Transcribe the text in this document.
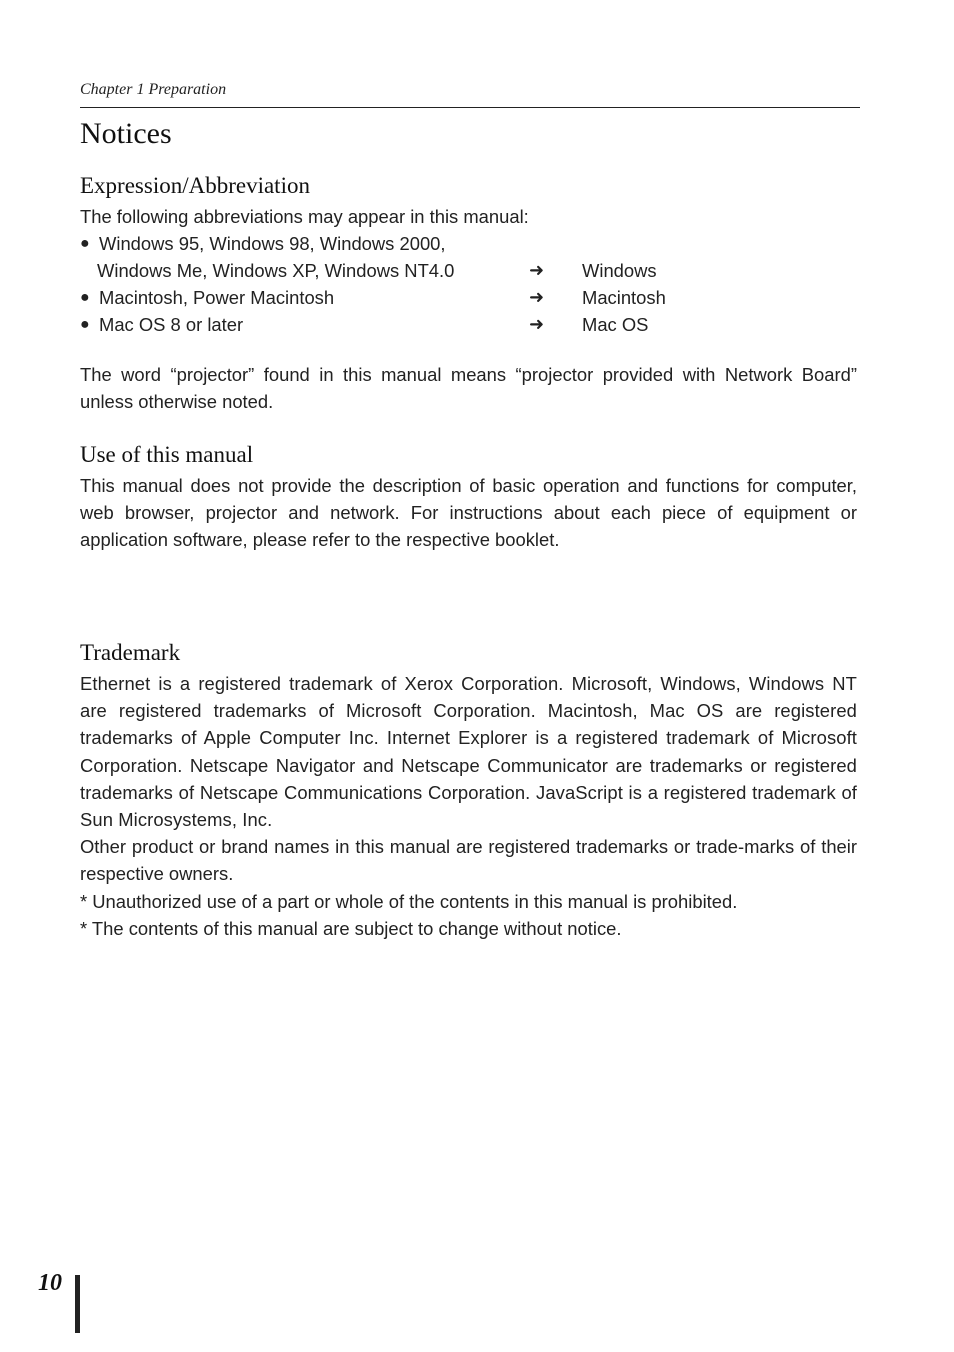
Chapter 1 Preparation
Notices
Expression/Abbreviation

The following abbreviations may appear in this manual:

● Windows 95, Windows 98, Windows 2000,
Windows Me, Windows XP, Windows NT4.0	➜ Windows
● Macintosh, Power Macintosh	➜ Macintosh
● Mac OS 8 or later	➜ Mac OS

The word “projector” found in this manual means “projector provided with Network Board” unless otherwise noted.

Use of this manual

This manual does not provide the description of basic operation and functions for computer, web browser, projector and network. For instructions about each piece of equipment or application software, please refer to the respective booklet.

Trademark

Ethernet is a registered trademark of Xerox Corporation. Microsoft, Windows, Windows NT are registered trademarks of Microsoft Corporation. Macintosh, Mac OS are registered trademarks of Apple Computer Inc. Internet Explorer is a registered trademark of Microsoft Corporation. Netscape Navigator and Netscape Communicator are trademarks or registered trademarks of Netscape Communications Corporation. JavaScript is a registered trademark of Sun Microsystems, Inc.

Other product or brand names in this manual are registered trademarks or trade-marks of their respective owners.

* Unauthorized use of a part or whole of the contents in this manual is prohibited.

* The contents of this manual are subject to change without notice.

10
